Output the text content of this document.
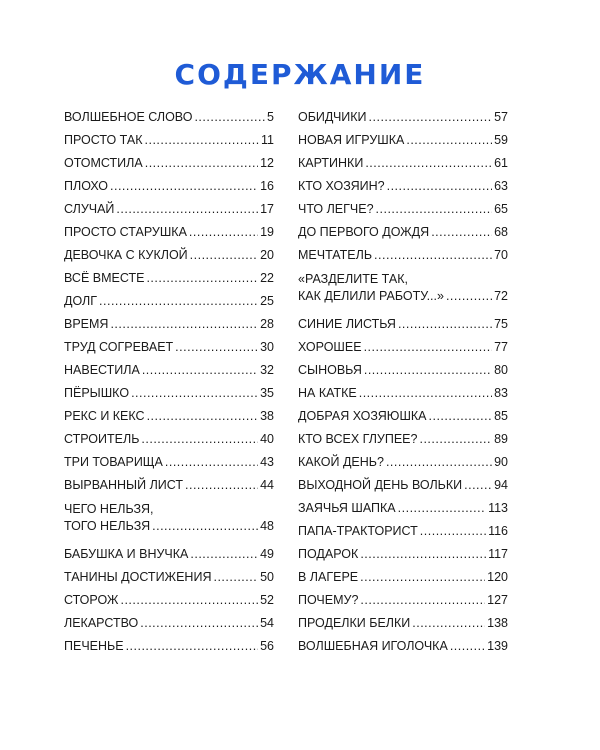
СОДЕРЖАНИЕ
ВОЛШЕБНОЕ СЛОВО .....	5
ПРОСТО ТАК .....	11
ОТОМСТИЛА .....	12
ПЛОХО .....	16
СЛУЧАЙ .....	17
ПРОСТО СТАРУШКА .....	19
ДЕВОЧКА С КУКЛОЙ .....	20
ВСЁ ВМЕСТЕ .....	22
ДОЛГ .....	25
ВРЕМЯ .....	28
ТРУД СОГРЕВАЕТ .....	30
НАВЕСТИЛА .....	32
ПЁРЫШКО .....	35
РЕКС И КЕКС .....	38
СТРОИТЕЛЬ .....	40
ТРИ ТОВАРИЩА .....	43
ВЫРВАННЫЙ ЛИСТ .....	44
ЧЕГО НЕЛЬЗЯ,
ТОГО НЕЛЬЗЯ .....	48
БАБУШКА И ВНУЧКА .....	49
ТАНИНЫ ДОСТИЖЕНИЯ .....	50
СТОРОЖ .....	52
ЛЕКАРСТВО .....	54
ПЕЧЕНЬЕ .....	56
ОБИДЧИКИ .....	57
НОВАЯ ИГРУШКА .....	59
КАРТИНКИ .....	61
КТО ХОЗЯИН? .....	63
ЧТО ЛЕГЧЕ? .....	65
ДО ПЕРВОГО ДОЖДЯ .....	68
МЕЧТАТЕЛЬ .....	70
«РАЗДЕЛИТЕ ТАК,
КАК ДЕЛИЛИ РАБОТУ...» .....	72
СИНИЕ ЛИСТЬЯ .....	75
ХОРОШЕЕ .....	77
СЫНОВЬЯ .....	80
НА КАТКЕ .....	83
ДОБРАЯ ХОЗЯЮШКА .....	85
КТО ВСЕХ ГЛУПЕЕ? .....	89
КАКОЙ ДЕНЬ? .....	90
ВЫХОДНОЙ ДЕНЬ ВОЛЬКИ .....	94
ЗАЯЧЬЯ ШАПКА .....	113
ПАПА-ТРАКТОРИСТ .....	116
ПОДАРОК .....	117
В ЛАГЕРЕ .....	120
ПОЧЕМУ? .....	127
ПРОДЕЛКИ БЕЛКИ .....	138
ВОЛШЕБНАЯ ИГОЛОЧКА .....	139
